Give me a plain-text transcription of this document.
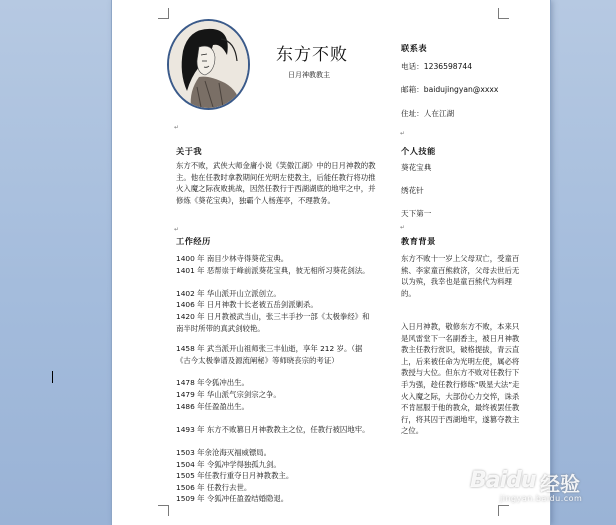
东方不败
日月神教教主
联系表
电话：1236598744
邮箱：baidujingyan@xxxx
住址：人在江湖
个人技能
葵花宝典
绣花针
天下第一
教育背景
东方不败十一岁上父母双亡，受童百熊、李家童百熊救济，父母去世后无以为殡，我幸也是童百熊代为料理的。
入日月神教，敬修东方不败，本来只是风雷堂下一名副香主，被日月神教教主任教行赏识，破格提拔，青云直上，后来被任命为光明左使，属必将教授与大位。但东方不败对任教行下手为强，趁任教行修练“吸星大法”走火入魔之际，大部份心力交悴，诛杀不肯屈服于他的教众，最终被罢任教行，将其囚于西湖地牢，遂篡夺教主之位。
关于我
东方不败，武侠大师金庸小说《笑傲江湖》中的日月神教的教主。他在任教时拿教期间任光明左使教主，后能任教行将功推火入魔之际夜败挑战，因然任教行于西湖湖底的地牢之中，并修炼《葵花宝典》，独霸个人杨莲亭，不理教务。
工作经历
1400 年 南目少林寺得葵花宝典。
1401 年 恶帮崇于峰前派葵花宝典，彼无相所习葵花剑法。
1402 年 华山派开山立派创立。
1406 年 日月神教十长老被五岳剑派剿杀。
1420 年 日月教被武当山，张三丰手抄一部《太极拳经》和南半时所带的真武剑较艳。
1458 年 武当派开山祖师张三丰仙逝，享年 212 岁。（据《古今太极拳谱及源流阐秘》等师晓丧宗的考证）
1478 年令狐冲出生。
1479 年 华山派气宗剑宗之争。
1486 年任盈盈出生。
1493 年 东方不败篡日月神教教主之位，任教行被囚地牢。
1503 年余沧海灭福威镖局。
1504 年 令狐冲学得独孤九剑。
1505 年任教行重夺日月神教教主。
1506 年 任教行去世。
1509 年 令狐冲任盈盈结婚隐退。
↵
↵
↵
↵
Baidu 经验
jingyan.baidu.com
